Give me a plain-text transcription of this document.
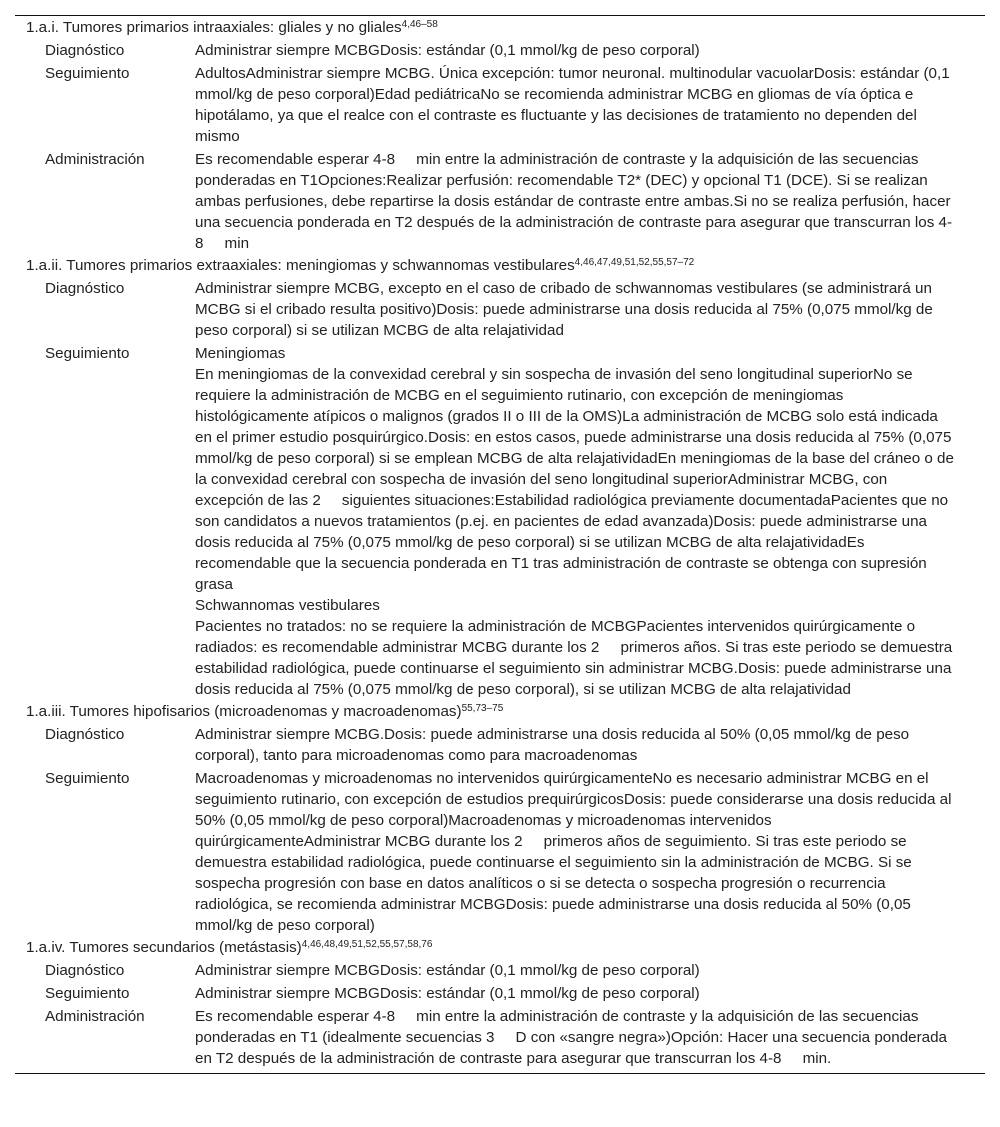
1.a.i. Tumores primarios intraaxiales: gliales y no gliales$^{4,46-58}$
Diagnóstico	Administrar siempre MCBGDosis: estándar (0,1 mmol/kg de peso corporal)
Seguimiento	AdultosAdministrar siempre MCBG. Única excepción: tumor neuronal. multinodular vacuolarDosis: estándar (0,1 mmol/kg de peso corporal)Edad pediátricaNo se recomienda administrar MCBG en gliomas de vía óptica e hipotálamo, ya que el realce con el contraste es fluctuante y las decisiones de tratamiento no dependen del mismo
Administración	Es recomendable esperar 4-8     min entre la administración de contraste y la adquisición de las secuencias ponderadas en T1Opciones:Realizar perfusión: recomendable T2* (DEC) y opcional T1 (DCE). Si se realizan ambas perfusiones, debe repartirse la dosis estándar de contraste entre ambas.Si no se realiza perfusión, hacer una secuencia ponderada en T2 después de la administración de contraste para asegurar que transcurran los 4-8     min
1.a.ii. Tumores primarios extraaxiales: meningiomas y schwannomas vestibulares$^{4,46,47,49,51,52,55,57-72}$
Diagnóstico	Administrar siempre MCBG, excepto en el caso de cribado de schwannomas vestibulares (se administrará un MCBG si el cribado resulta positivo)Dosis: puede administrarse una dosis reducida al 75% (0,075 mmol/kg de peso corporal) si se utilizan MCBG de alta relajatividad
Seguimiento	Meningiomas
En meningiomas de la convexidad cerebral y sin sospecha de invasión del seno longitudinal superiorNo se requiere la administración de MCBG en el seguimiento rutinario, con excepción de meningiomas histológicamente atípicos o malignos (grados II o III de la OMS)La administración de MCBG solo está indicada en el primer estudio posquirúrgico.Dosis: en estos casos, puede administrarse una dosis reducida al 75% (0,075 mmol/kg de peso corporal) si se emplean MCBG de alta relajatividadEn meningiomas de la base del cráneo o de la convexidad cerebral con sospecha de invasión del seno longitudinal superiorAdministrar MCBG, con excepción de las 2     siguientes situaciones:Estabilidad radiológica previamente documentadaPacientes que no son candidatos a nuevos tratamientos (p.ej. en pacientes de edad avanzada)Dosis: puede administrarse una dosis reducida al 75% (0,075 mmol/kg de peso corporal) si se utilizan MCBG de alta relajatividadEs recomendable que la secuencia ponderada en T1 tras administración de contraste se obtenga con supresión grasa
Schwannomas vestibulares
Pacientes no tratados: no se requiere la administración de MCBGPacientes intervenidos quirúrgicamente o radiados: es recomendable administrar MCBG durante los 2     primeros años. Si tras este periodo se demuestra estabilidad radiológica, puede continuarse el seguimiento sin administrar MCBG.Dosis: puede administrarse una dosis reducida al 75% (0,075 mmol/kg de peso corporal), si se utilizan MCBG de alta relajatividad

1.a.iii. Tumores hipofisarios (microadenomas y macroadenomas)$^{55,73-75}$
Diagnóstico	Administrar siempre MCBG.Dosis: puede administrarse una dosis reducida al 50% (0,05 mmol/kg de peso corporal), tanto para microadenomas como para macroadenomas
Seguimiento	Macroadenomas y microadenomas no intervenidos quirúrgicamenteNo es necesario administrar MCBG en el seguimiento rutinario, con excepción de estudios prequirúrgicosDosis: puede considerarse una dosis reducida al 50% (0,05 mmol/kg de peso corporal)Macroadenomas y microadenomas intervenidos quirúrgicamenteAdministrar MCBG durante los 2     primeros años de seguimiento. Si tras este periodo se demuestra estabilidad radiológica, puede continuarse el seguimiento sin la administración de MCBG. Si se sospecha progresión con base en datos analíticos o si se detecta o sospecha progresión o recurrencia radiológica, se recomienda administrar MCBGDosis: puede administrarse una dosis reducida al 50% (0,05 mmol/kg de peso corporal)
1.a.iv. Tumores secundarios (metástasis)$^{4,46,48,49,51,52,55,57,58,76}$
Diagnóstico	Administrar siempre MCBGDosis: estándar (0,1 mmol/kg de peso corporal)
Seguimiento	Administrar siempre MCBGDosis: estándar (0,1 mmol/kg de peso corporal)
Administración	Es recomendable esperar 4-8     min entre la administración de contraste y la adquisición de las secuencias ponderadas en T1 (idealmente secuencias 3     D con «sangre negra»)Opción: Hacer una secuencia ponderada en T2 después de la administración de contraste para asegurar que transcurran los 4-8     min.
